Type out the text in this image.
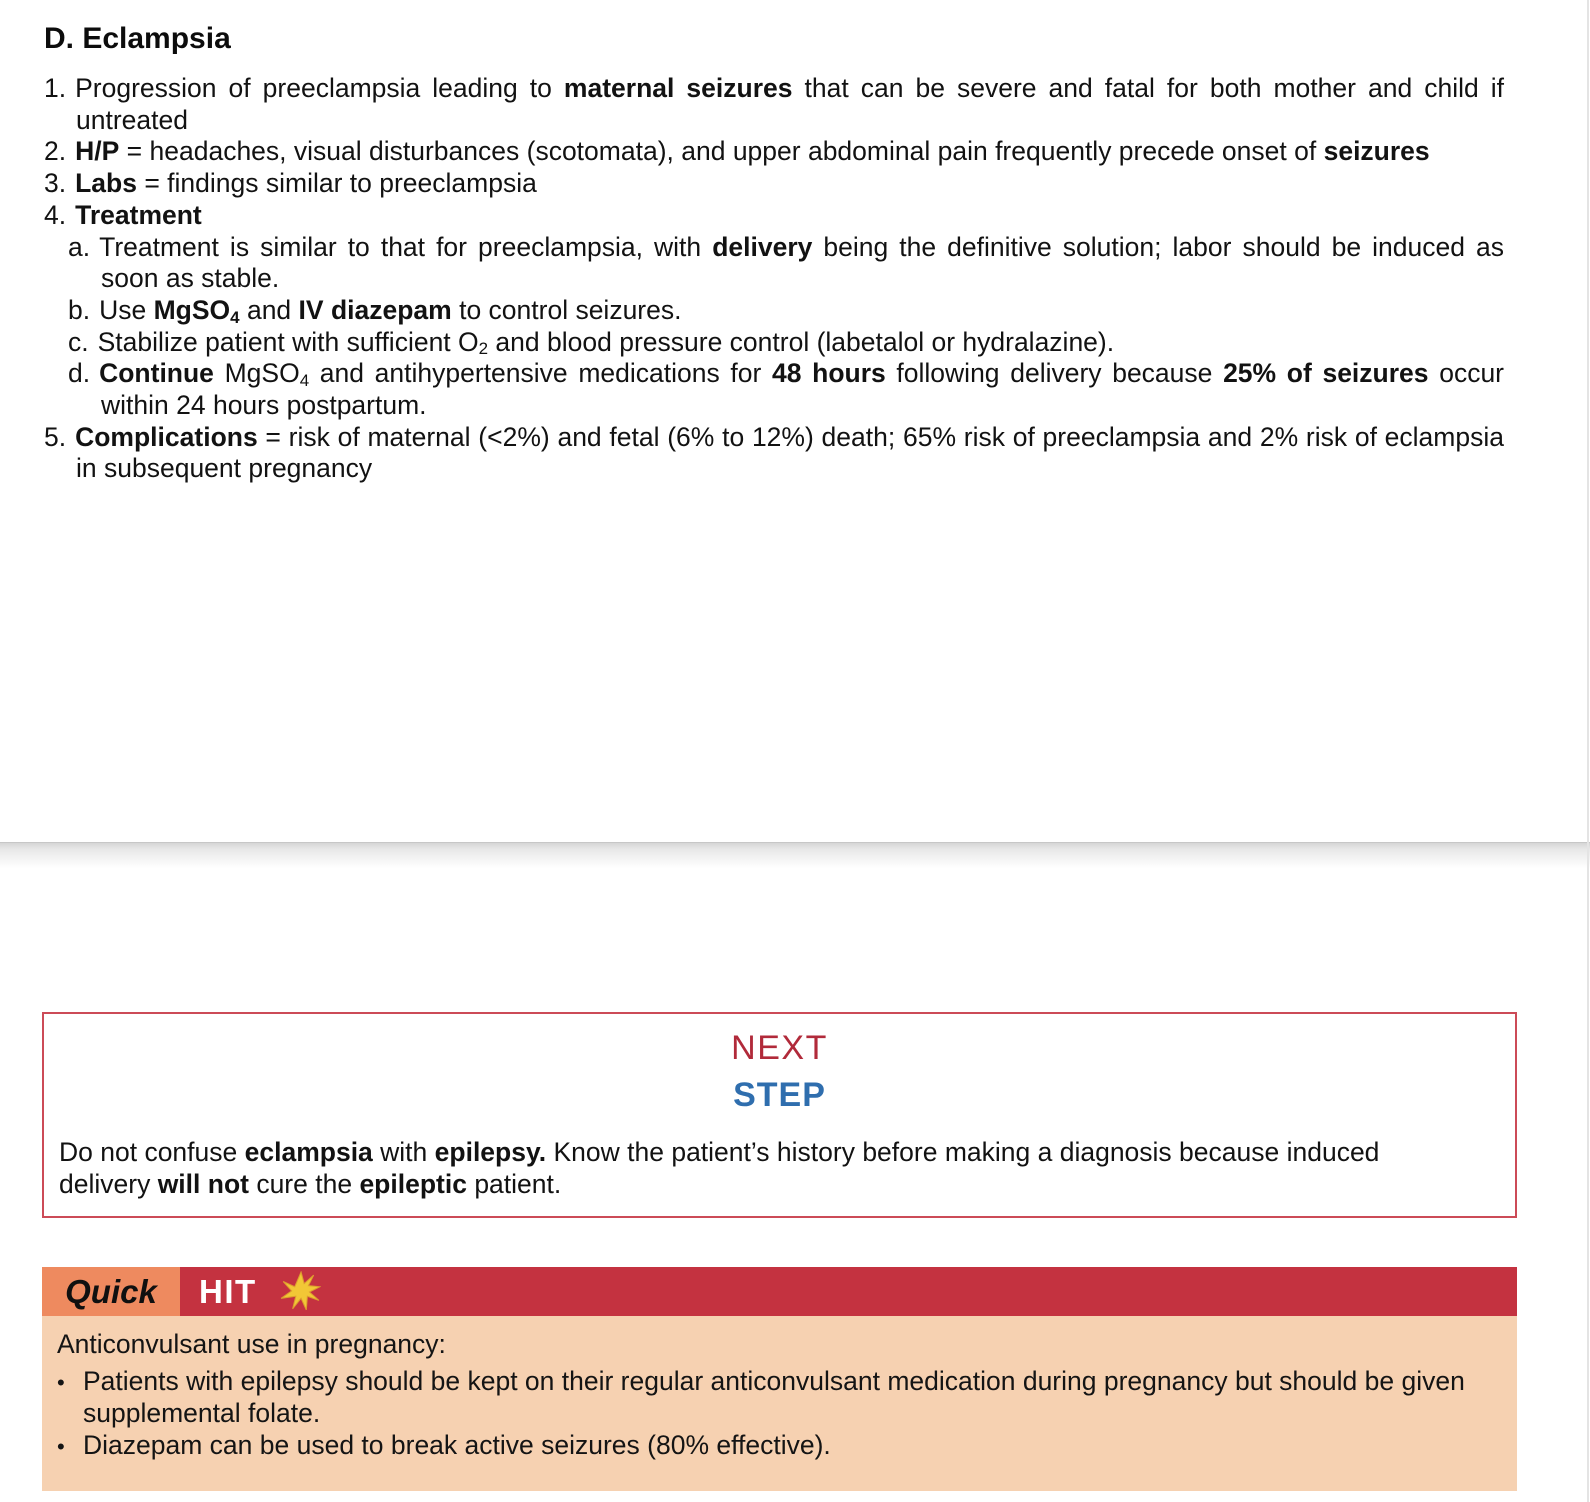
D. Eclampsia

1. Progression of preeclampsia leading to maternal seizures that can be severe and fatal for both mother and child if untreated

2. H/P = headaches, visual disturbances (scotomata), and upper abdominal pain frequently precede onset of seizures

3. Labs = findings similar to preeclampsia

4. Treatment

a. Treatment is similar to that for preeclampsia, with delivery being the definitive solution; labor should be induced as soon as stable.

b. Use MgSO4 and IV diazepam to control seizures.

c. Stabilize patient with sufficient O2 and blood pressure control (labetalol or hydralazine).

d. Continue MgSO4 and antihypertensive medications for 48 hours following delivery because 25% of seizures occur within 24 hours postpartum.

5. Complications = risk of maternal (<2%) and fetal (6% to 12%) death; 65% risk of preeclampsia and 2% risk of eclampsia in subsequent pregnancy

NEXT
STEP

Do not confuse eclampsia with epilepsy. Know the patient’s history before making a diagnosis because induced delivery will not cure the epileptic patient.

Quick	HIT

Anticonvulsant use in pregnancy:

• Patients with epilepsy should be kept on their regular anticonvulsant medication during pregnancy but should be given supplemental folate.
• Diazepam can be used to break active seizures (80% effective).
